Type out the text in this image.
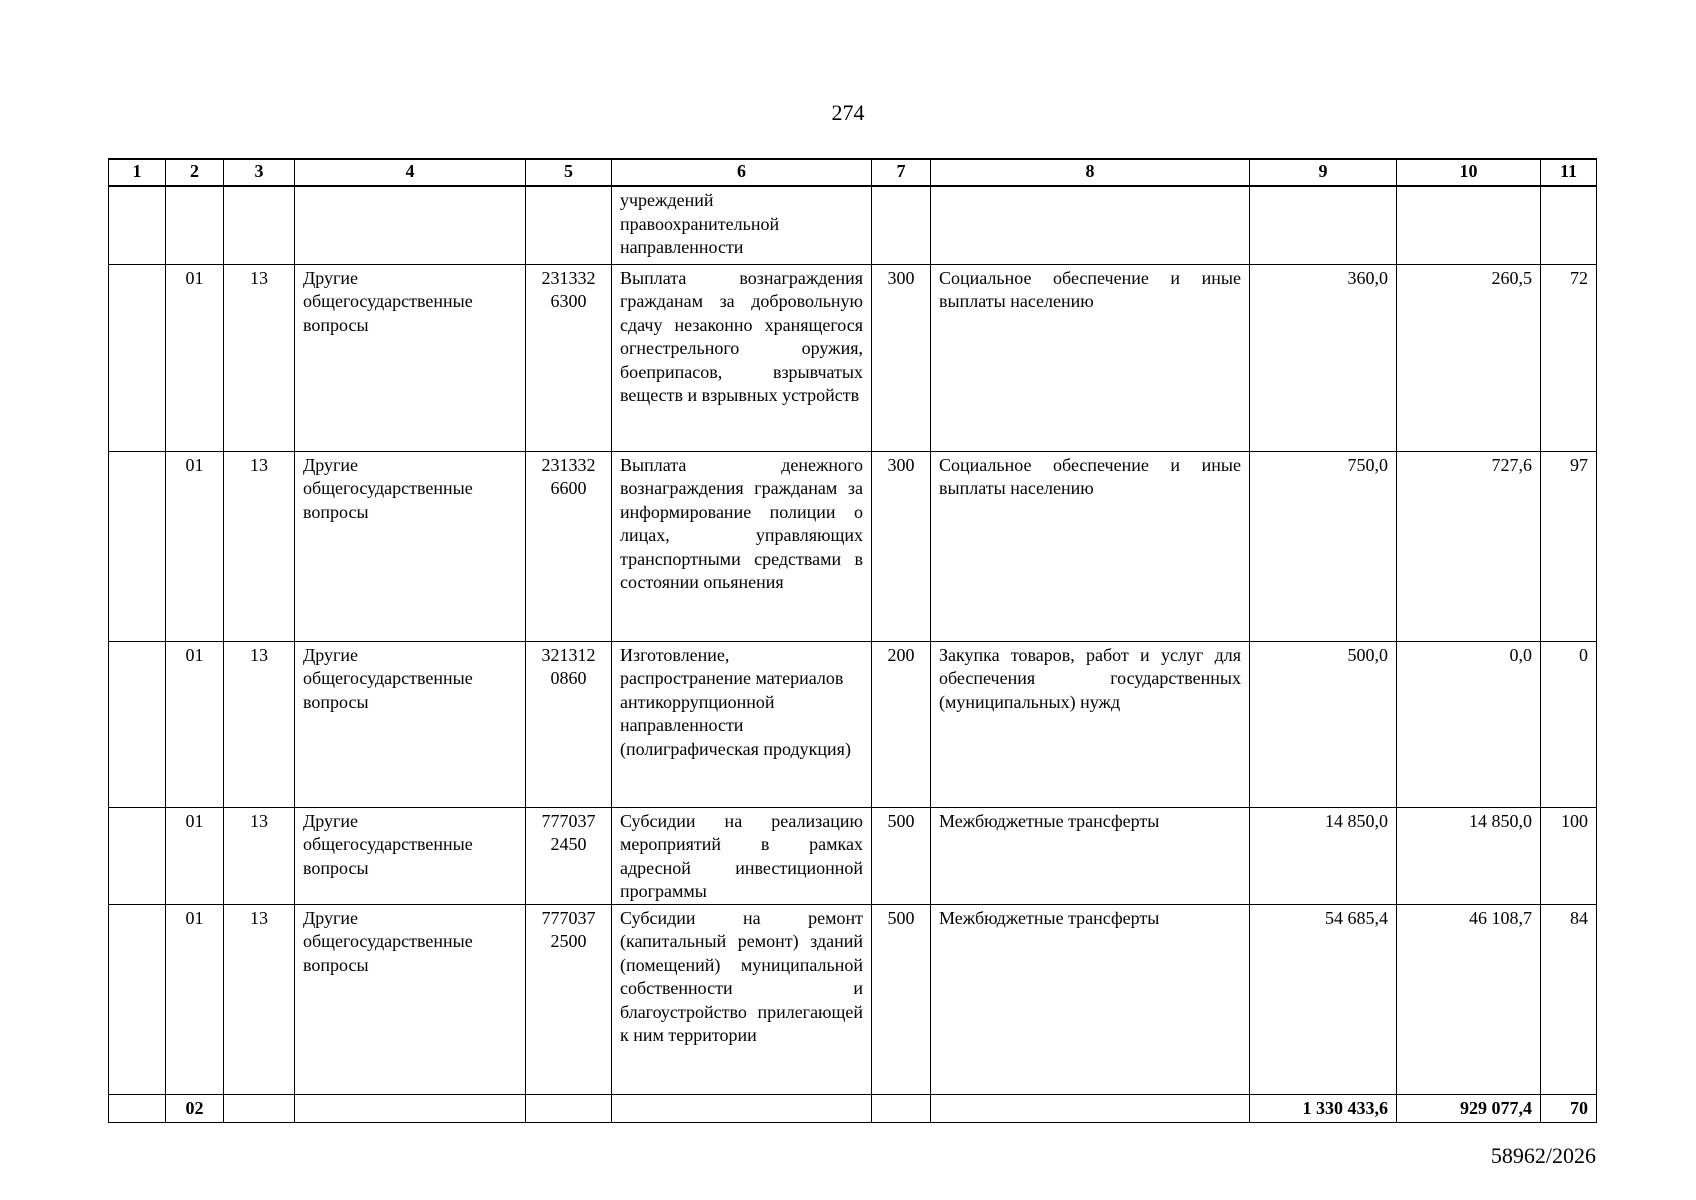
274
1	2	3	4	5	6	7	8	9	10	11
					учреждений правоохранительной направленности					
	01	13	Другие общегосударственные вопросы	231332 6300	Выплата вознаграждения гражданам за добровольную сдачу незаконно хранящегося огнестрельного оружия, боеприпасов, взрывчатых веществ и взрывных устройств	300	Социальное обеспечение и иные выплаты населению	360,0	260,5	72
	01	13	Другие общегосударственные вопросы	231332 6600	Выплата денежного вознаграждения гражданам за информирование полиции о лицах, управляющих транспортными средствами в состоянии опьянения	300	Социальное обеспечение и иные выплаты населению	750,0	727,6	97
	01	13	Другие общегосударственные вопросы	321312 0860	Изготовление, распространение материалов антикоррупционной направленности (полиграфическая продукция)	200	Закупка товаров, работ и услуг для обеспечения государственных (муниципальных) нужд	500,0	0,0	0
	01	13	Другие общегосударственные вопросы	777037 2450	Субсидии на реализацию мероприятий в рамках адресной инвестиционной программы	500	Межбюджетные трансферты	14 850,0	14 850,0	100
	01	13	Другие общегосударственные вопросы	777037 2500	Субсидии на ремонт (капитальный ремонт) зданий (помещений) муниципальной собственности и благоустройство прилегающей к ним территории	500	Межбюджетные трансферты	54 685,4	46 108,7	84
	02							1 330 433,6	929 077,4	70
58962/2026
